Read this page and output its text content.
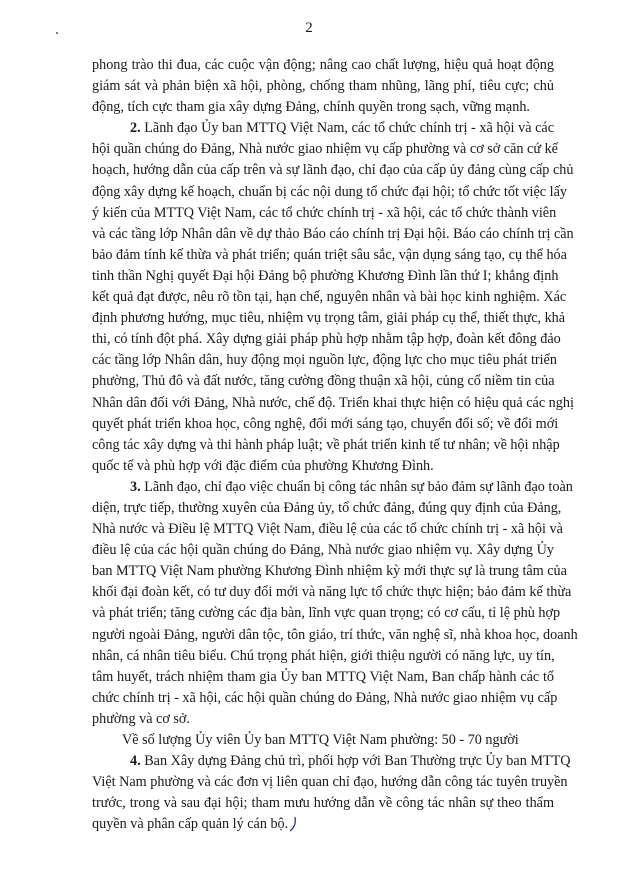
2

phong trào thi đua, các cuộc vận động; nâng cao chất lượng, hiệu quả hoạt động
giám sát và phản biện xã hội, phòng, chống tham nhũng, lãng phí, tiêu cực; chủ
động, tích cực tham gia xây dựng Đảng, chính quyền trong sạch, vững mạnh.

2. Lãnh đạo Ủy ban MTTQ Việt Nam, các tổ chức chính trị - xã hội và các
hội quần chúng do Đảng, Nhà nước giao nhiệm vụ cấp phường và cơ sở căn cứ kế
hoạch, hướng dẫn của cấp trên và sự lãnh đạo, chỉ đạo của cấp ủy đảng cùng cấp chủ
động xây dựng kế hoạch, chuẩn bị các nội dung tổ chức đại hội; tổ chức tốt việc lấy
ý kiến của MTTQ Việt Nam, các tổ chức chính trị - xã hội, các tổ chức thành viên
và các tầng lớp Nhân dân về dự thảo Báo cáo chính trị Đại hội. Báo cáo chính trị cần
bảo đảm tính kế thừa và phát triển; quán triệt sâu sắc, vận dụng sáng tạo, cụ thể hóa
tinh thần Nghị quyết Đại hội Đảng bộ phường Khương Đình lần thứ I; khẳng định
kết quả đạt được, nêu rõ tồn tại, hạn chế, nguyên nhân và bài học kinh nghiệm. Xác
định phương hướng, mục tiêu, nhiệm vụ trọng tâm, giải pháp cụ thể, thiết thực, khả
thi, có tính đột phá. Xây dựng giải pháp phù hợp nhằm tập hợp, đoàn kết đông đảo
các tầng lớp Nhân dân, huy động mọi nguồn lực, động lực cho mục tiêu phát triển
phường, Thủ đô và đất nước, tăng cường đồng thuận xã hội, củng cố niềm tin của
Nhân dân đối với Đảng, Nhà nước, chế độ. Triển khai thực hiện có hiệu quả các nghị
quyết phát triển khoa học, công nghệ, đổi mới sáng tạo, chuyển đổi số; về đổi mới
công tác xây dựng và thi hành pháp luật; về phát triển kinh tế tư nhân; về hội nhập
quốc tế và phù hợp với đặc điểm của phường Khương Đình.

3. Lãnh đạo, chỉ đạo việc chuẩn bị công tác nhân sự bảo đảm sự lãnh đạo toàn
diện, trực tiếp, thường xuyên của Đảng ủy, tổ chức đảng, đúng quy định của Đảng,
Nhà nước và Điều lệ MTTQ Việt Nam, điều lệ của các tổ chức chính trị - xã hội và
điều lệ của các hội quần chúng do Đảng, Nhà nước giao nhiệm vụ. Xây dựng Ủy
ban MTTQ Việt Nam phường Khương Đình nhiệm kỳ mới thực sự là trung tâm của
khối đại đoàn kết, có tư duy đổi mới và năng lực tổ chức thực hiện; bảo đảm kế thừa
và phát triển; tăng cường các địa bàn, lĩnh vực quan trọng; có cơ cấu, tỉ lệ phù hợp
người ngoài Đảng, người dân tộc, tôn giáo, trí thức, văn nghệ sĩ, nhà khoa học, doanh
nhân, cá nhân tiêu biểu. Chú trọng phát hiện, giới thiệu người có năng lực, uy tín,
tâm huyết, trách nhiệm tham gia Ủy ban MTTQ Việt Nam, Ban chấp hành các tổ
chức chính trị - xã hội, các hội quần chúng do Đảng, Nhà nước giao nhiệm vụ cấp
phường và cơ sở.

Về số lượng Ủy viên Ủy ban MTTQ Việt Nam phường: 50 - 70 người

4. Ban Xây dựng Đảng chủ trì, phối hợp với Ban Thường trực Ủy ban MTTQ
Việt Nam phường và các đơn vị liên quan chỉ đạo, hướng dẫn công tác tuyên truyền
trước, trong và sau đại hội; tham mưu hướng dẫn về công tác nhân sự theo thẩm
quyền và phân cấp quản lý cán bộ.
